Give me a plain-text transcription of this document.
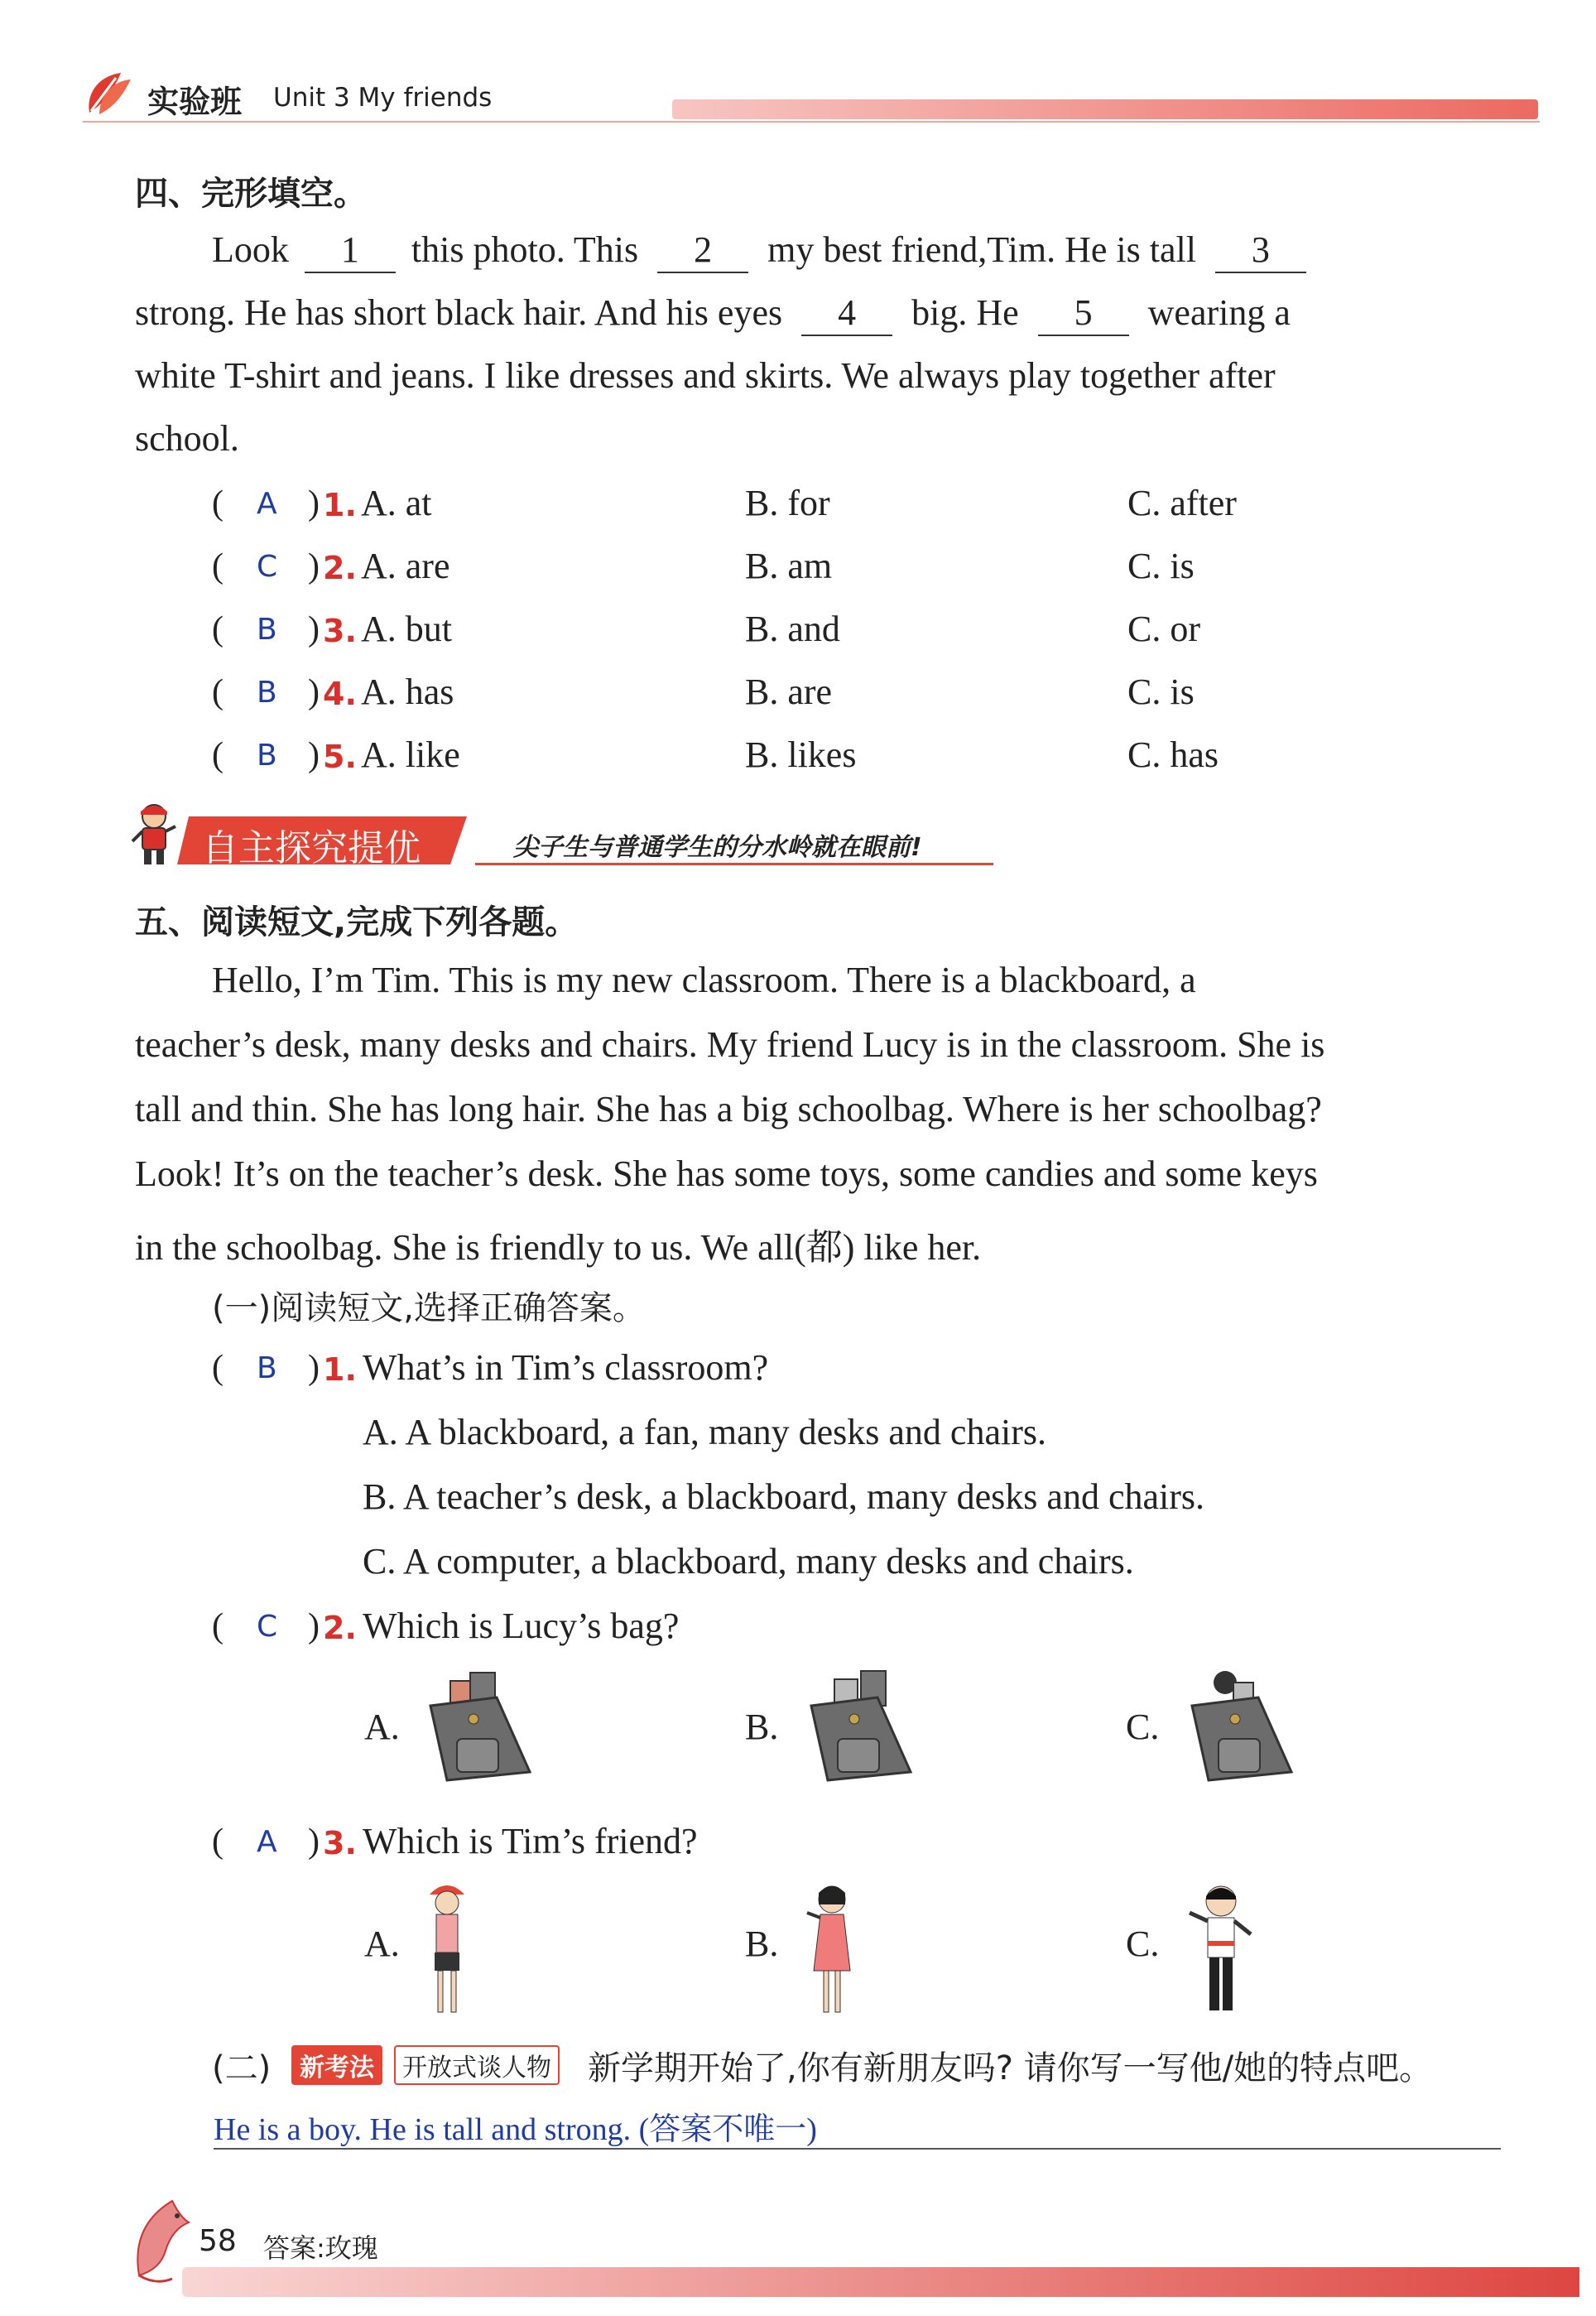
实验班 Unit 3 My friends
四、完形填空。
Look 1 this photo. This 2 my best friend,Tim. He is tall 3
strong. He has short black hair. And his eyes 4 big. He 5 wearing a
white T-shirt and jeans. I like dresses and skirts. We always play together after
school.
( A ) 1. A. at	B. for	C. after
( C ) 2. A. are	B. am	C. is
( B ) 3. A. but	B. and	C. or
( B ) 4. A. has	B. are	C. is
( B ) 5. A. like	B. likes	C. has
自主探究提优	尖子生与普通学生的分水岭就在眼前!
五、阅读短文,完成下列各题。
Hello, I’m Tim. This is my new classroom. There is a blackboard, a
teacher’s desk, many desks and chairs. My friend Lucy is in the classroom. She is
tall and thin. She has long hair. She has a big schoolbag. Where is her schoolbag?
Look! It’s on the teacher’s desk. She has some toys, some candies and some keys
in the schoolbag. She is friendly to us. We all(都) like her.
(一)阅读短文,选择正确答案。
( B ) 1. What’s in Tim’s classroom?
A. A blackboard, a fan, many desks and chairs.
B. A teacher’s desk, a blackboard, many desks and chairs.
C. A computer, a blackboard, many desks and chairs.
( C ) 2. Which is Lucy’s bag?
A.	B.	C.
( A ) 3. Which is Tim’s friend?
A.	B.	C.
(二)	新考法	开放式谈人物 新学期开始了,你有新朋友吗? 请你写一写他/她的特点吧。
He is a boy. He is tall and strong. (答案不唯一)
58 答案:玫瑰
